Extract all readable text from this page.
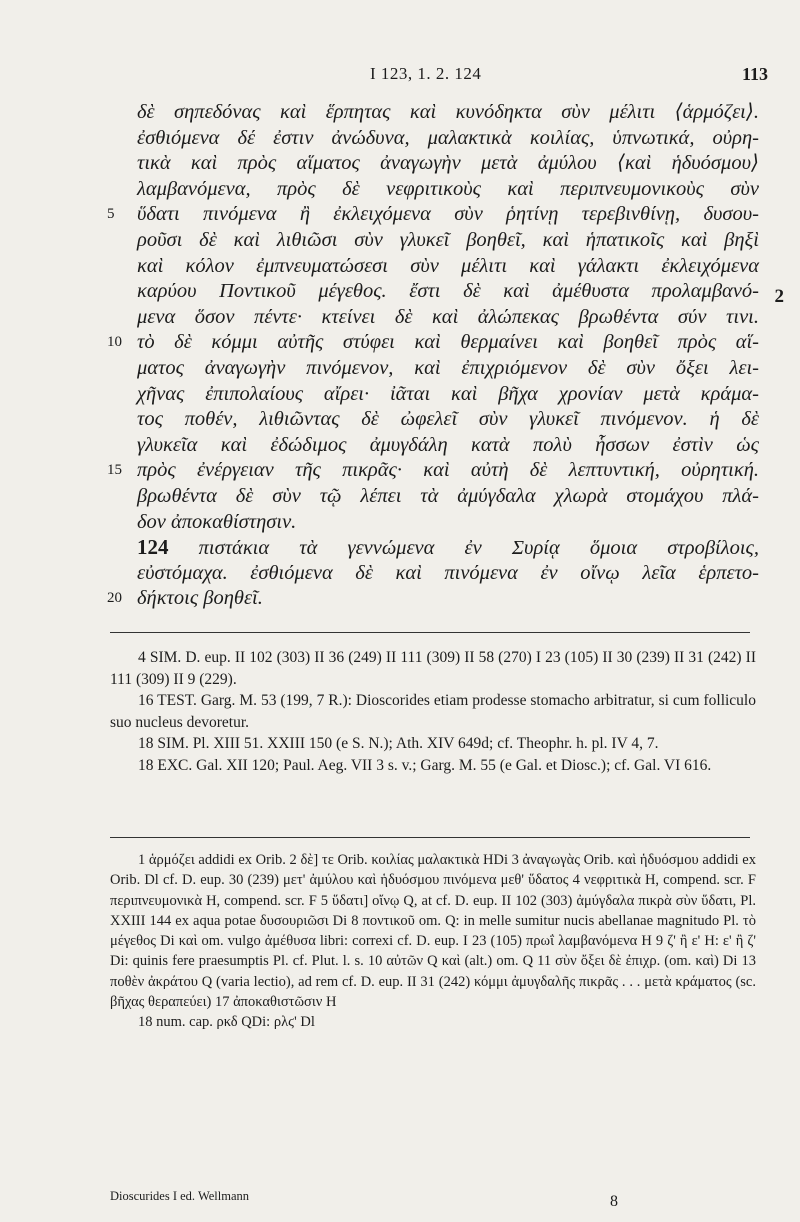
I 123, 1. 2. 124	113
δὲ σηπεδόνας καὶ ἕρπητας καὶ κυνόδηκτα σὺν μέλιτι ⟨ἁρμόζει⟩.
ἐσθιόμενα δέ ἐστιν ἀνώδυνα, μαλακτικὰ κοιλίας, ὑπνωτικά, οὐρη-
τικὰ καὶ πρὸς αἵματος ἀναγωγὴν μετὰ ἀμύλου ⟨καὶ ἡδυόσμου⟩
λαμβανόμενα, πρὸς δὲ νεφριτικοὺς καὶ περιπνευμονικοὺς σὺν
5 ὕδατι πινόμενα ἢ ἐκλειχόμενα σὺν ῥητίνῃ τερεβινθίνῃ, δυσου-
ροῦσι δὲ καὶ λιθιῶσι σὺν γλυκεῖ βοηθεῖ, καὶ ἡπατικοῖς καὶ βηξὶ
καὶ κόλον ἐμπνευματώσεσι σὺν μέλιτι καὶ γάλακτι ἐκλειχόμενα
καρύου Ποντικοῦ μέγεθος. ἔστι δὲ καὶ ἀμέθυστα προλαμβανό-
μενα ὅσον πέντε· κτείνει δὲ καὶ ἀλώπεκας βρωθέντα σύν τινι.
10 τὸ δὲ κόμμι αὐτῆς στύφει καὶ θερμαίνει καὶ βοηθεῖ πρὸς αἵ-
ματος ἀναγωγὴν πινόμενον, καὶ ἐπιχριόμενον δὲ σὺν ὄξει λει-
χῆνας ἐπιπολαίους αἴρει· ἰᾶται καὶ βῆχα χρονίαν μετὰ κράμα-
τος ποθέν, λιθιῶντας δὲ ὠφελεῖ σὺν γλυκεῖ πινόμενον. ἡ δὲ
γλυκεῖα καὶ ἐδώδιμος ἀμυγδάλη κατὰ πολὺ ἧσσων ἐστὶν ὡς
15 πρὸς ἐνέργειαν τῆς πικρᾶς· καὶ αὐτὴ δὲ λεπτυντική, οὐρητική.
βρωθέντα δὲ σὺν τῷ λέπει τὰ ἀμύγδαλα χλωρὰ στομάχου πλά-
δον ἀποκαθίστησιν.
124 πιστάκια τὰ γεννώμενα ἐν Συρίᾳ ὅμοια στροβίλοις,
εὐστόμαχα. ἐσθιόμενα δὲ καὶ πινόμενα ἐν οἴνῳ λεῖα ἑρπετο-
20 δήκτοις βοηθεῖ.
2

4 SIM. D. eup. II 102 (303) II 36 (249) II 111 (309) II 58 (270) I 23 (105) II 30 (239) II 31 (242) II 111 (309) II 9 (229).

16 TEST. Garg. M. 53 (199, 7 R.): Dioscorides etiam prodesse stomacho arbitratur, si cum folliculo suo nucleus devoretur.

18 SIM. Pl. XIII 51. XXIII 150 (e S. N.); Ath. XIV 649d; cf. Theophr. h. pl. IV 4, 7.

18 EXC. Gal. XII 120; Paul. Aeg. VII 3 s. v.; Garg. M. 55 (e Gal. et Diosc.); cf. Gal. VI 616.

1 ἁρμόζει addidi ex Orib. 2 δὲ] τε Orib. κοιλίας μαλακτικὰ HDi 3 ἀναγωγὰς Orib. καὶ ἡδυόσμου addidi ex Orib. Dl cf. D. eup. 30 (239) μετ' ἀμύλου καὶ ἡδυόσμου πινόμενα μεθ' ὕδατος 4 νεφριτικὰ H, compend. scr. F περιπνευμονικὰ H, compend. scr. F 5 ὕδατι] οἴνῳ Q, at cf. D. eup. II 102 (303) ἀμύγδαλα πικρὰ σὺν ὕδατι, Pl. XXIII 144 ex aqua potae δυσουριῶσι Di 8 ποντικοῦ om. Q: in melle sumitur nucis abellanae magnitudo Pl. τὸ μέγεθος Di καὶ om. vulgo ἀμέθυσα libri: correxi cf. D. eup. I 23 (105) πρωΐ λαμβανόμενα H 9 ζ' ἢ ε' H: ε' ἢ ζ' Di: quinis fere praesumptis Pl. cf. Plut. l. s. 10 αὐτῶν Q καὶ (alt.) om. Q 11 σὺν ὄξει δὲ ἐπιχρ. (om. καὶ) Di 13 ποθὲν ἀκράτου Q (varia lectio), ad rem cf. D. eup. II 31 (242) κόμμι ἀμυγδαλῆς πικρᾶς . . . μετὰ κράματος (sc. βῆχας θεραπεύει) 17 ἀποκαθιστῶσιν H

18 num. cap. ρκδ QDi: ρλϛ' Dl

Dioscurides I ed. Wellmann	8
